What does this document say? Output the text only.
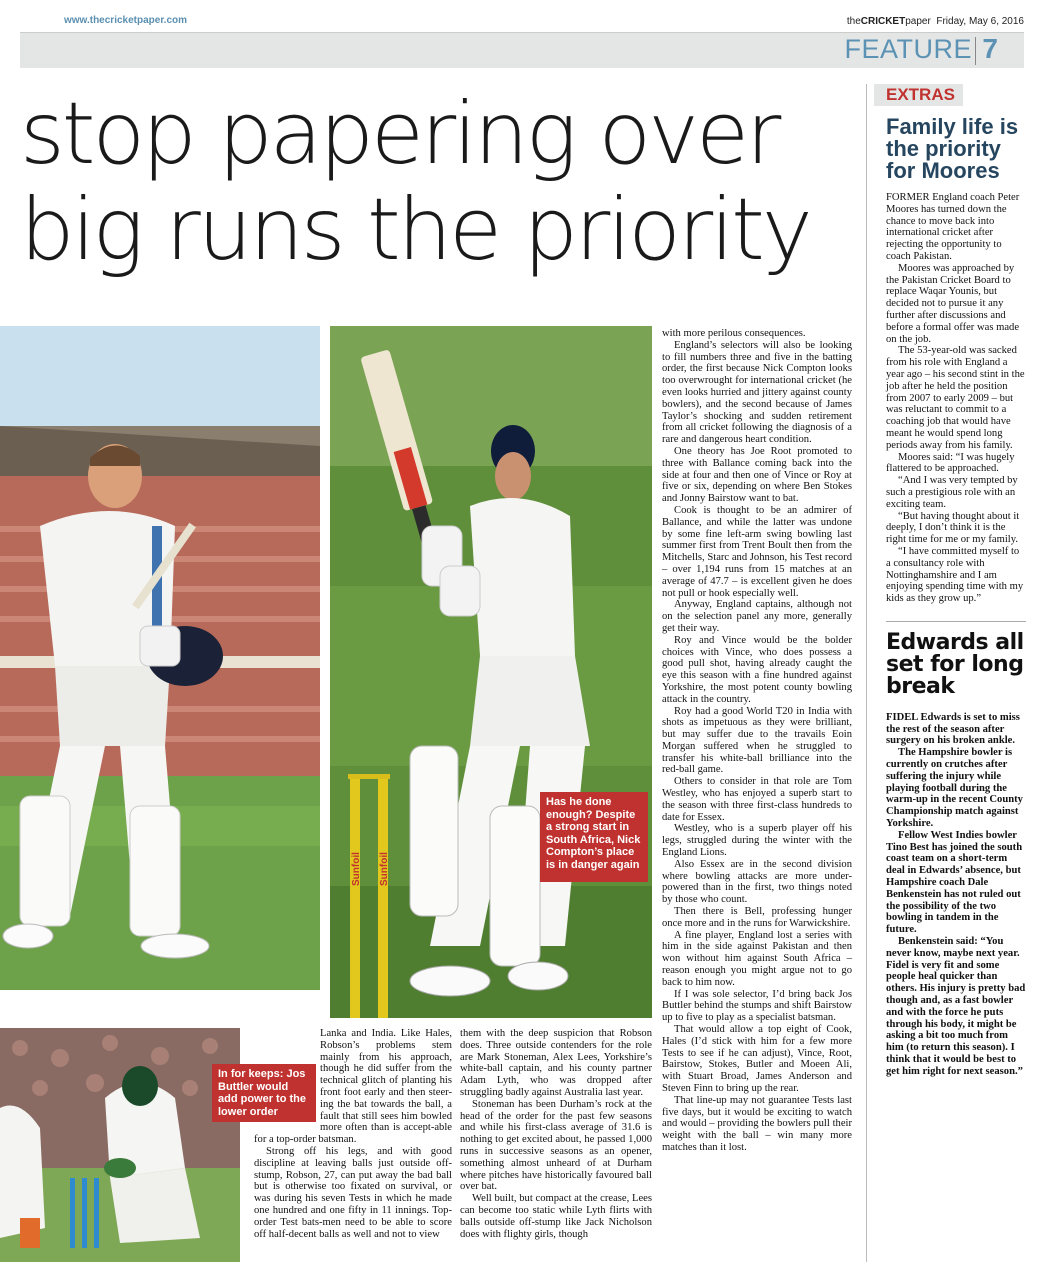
www.thecricketpaper.com	theCRICKETpaper Friday, May 6, 2016
FEATURE 7
stop papering over
big runs the priority
Sunfoil Sunfoil
Has he done enough? Despite a strong start in South Africa, Nick Compton’s place is in danger again
In for keeps: Jos Buttler would add power to the lower order

with more perilous consequences.

England’s selectors will also be looking to fill numbers three and five in the batting order, the first because Nick Compton looks too overwrought for international cricket (he even looks hurried and jittery against county bowlers), and the second because of James Taylor’s shocking and sudden retirement from all cricket following the diagnosis of a rare and dangerous heart condition.

One theory has Joe Root promoted to three with Ballance coming back into the side at four and then one of Vince or Roy at five or six, depending on where Ben Stokes and Jonny Bairstow want to bat.

Cook is thought to be an admirer of Ballance, and while the latter was undone by some fine left-arm swing bowling last summer first from Trent Boult then from the Mitchells, Starc and Johnson, his Test record – over 1,194 runs from 15 matches at an average of 47.7 – is excellent given he does not pull or hook especially well.

Anyway, England captains, although not on the selection panel any more, generally get their way.

Roy and Vince would be the bolder choices with Vince, who does possess a good pull shot, having already caught the eye this season with a fine hundred against Yorkshire, the most potent county bowling attack in the country.

Roy had a good World T20 in India with shots as impetuous as they were brilliant, but may suffer due to the travails Eoin Morgan suffered when he struggled to transfer his white-ball brilliance into the red-ball game.

Others to consider in that role are Tom Westley, who has enjoyed a superb start to the season with three first-class hundreds to date for Essex.

Westley, who is a superb player off his legs, struggled during the winter with the England Lions.

Also Essex are in the second division where bowling attacks are more under-powered than in the first, two things noted by those who count.

Then there is Bell, professing hunger once more and in the runs for Warwickshire.

A fine player, England lost a series with him in the side against Pakistan and then won without him against South Africa – reason enough you might argue not to go back to him now.

If I was sole selector, I’d bring back Jos Buttler behind the stumps and shift Bairstow up to five to play as a specialist batsman.

That would allow a top eight of Cook, Hales (I’d stick with him for a few more Tests to see if he can adjust), Vince, Root, Bairstow, Stokes, Butler and Moeen Ali, with Stuart Broad, James Anderson and Steven Finn to bring up the rear.

That line-up may not guarantee Tests last five days, but it would be exciting to watch and would – providing the bowlers pull their weight with the ball – win many more matches than it lost.

Lanka and India. Like Hales, Robson’s problems stem mainly from his approach, though he did suffer from the technical glitch of planting his front foot early and then steer-ing the bat towards the ball, a fault that still sees him bowled more often than is accept-able for a top-order batsman.

Strong off his legs, and with good discipline at leaving balls just outside off-stump, Robson, 27, can put away the bad ball but is otherwise too fixated on survival, or was during his seven Tests in which he made one hundred and one fifty in 11 innings. Top-order Test bats-men need to be able to score off half-decent balls as well and not to view

them with the deep suspicion that Robson does. Three outside contenders for the role are Mark Stoneman, Alex Lees, Yorkshire’s white-ball captain, and his county partner Adam Lyth, who was dropped after struggling badly against Australia last year.

Stoneman has been Durham’s rock at the head of the order for the past few seasons and while his first-class average of 31.6 is nothing to get excited about, he passed 1,000 runs in successive seasons as an opener, something almost unheard of at Durham where pitches have historically favoured ball over bat.

Well built, but compact at the crease, Lees can become too static while Lyth flirts with balls outside off-stump like Jack Nicholson does with flighty girls, though

EXTRAS
Family life is the priority for Moores

FORMER England coach Peter Moores has turned down the chance to move back into international cricket after rejecting the opportunity to coach Pakistan.

Moores was approached by the Pakistan Cricket Board to replace Waqar Younis, but decided not to pursue it any further after discussions and before a formal offer was made on the job.

The 53-year-old was sacked from his role with England a year ago – his second stint in the job after he held the position from 2007 to early 2009 – but was reluctant to commit to a coaching job that would have meant he would spend long periods away from his family.

Moores said: “I was hugely flattered to be approached.

“And I was very tempted by such a prestigious role with an exciting team.

“But having thought about it deeply, I don’t think it is the right time for me or my family.

“I have committed myself to a consultancy role with Nottinghamshire and I am enjoying spending time with my kids as they grow up.”

Edwards all set for long break

FIDEL Edwards is set to miss the rest of the season after surgery on his broken ankle.

The Hampshire bowler is currently on crutches after suffering the injury while playing football during the warm-up in the recent County Championship match against Yorkshire.

Fellow West Indies bowler Tino Best has joined the south coast team on a short-term deal in Edwards’ absence, but Hampshire coach Dale Benkenstein has not ruled out the possibility of the two bowling in tandem in the future.

Benkenstein said: “You never know, maybe next year. Fidel is very fit and some people heal quicker than others. His injury is pretty bad though and, as a fast bowler and with the force he puts through his body, it might be asking a bit too much from him (to return this season). I think that it would be best to get him right for next season.”
